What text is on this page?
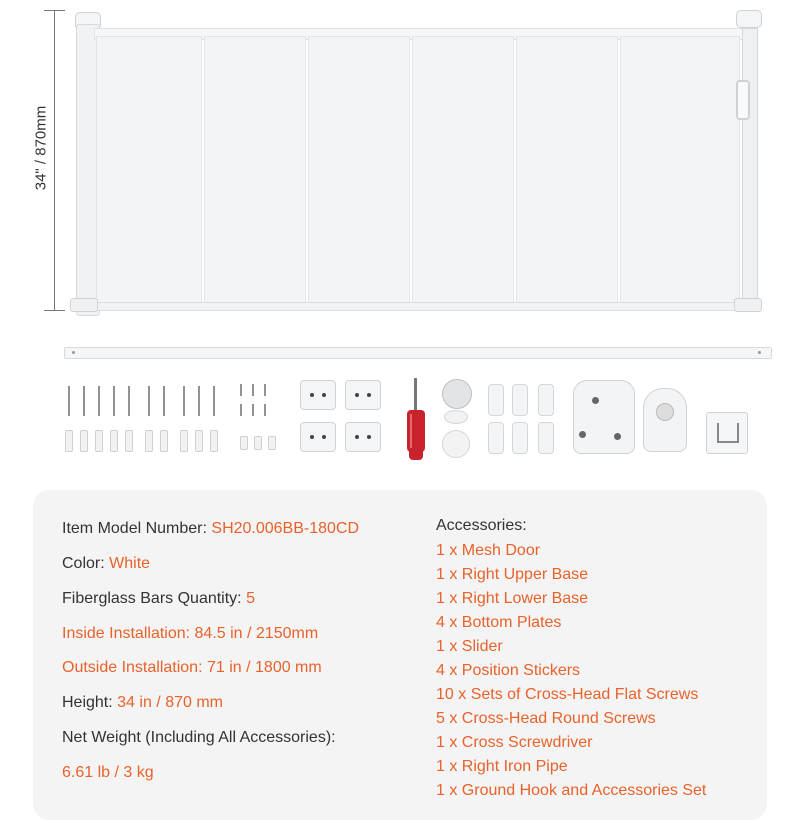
34" / 870mm
Item Model Number: SH20.006BB-180CD
Color: White
Fiberglass Bars Quantity: 5
Inside Installation: 84.5 in / 2150mm
Outside Installation: 71 in / 1800 mm
Height: 34 in / 870 mm
Net Weight (Including All Accessories):
6.61 lb / 3 kg
Accessories:
1 x Mesh Door
1 x Right Upper Base
1 x Right Lower Base
4 x Bottom Plates
1 x Slider
4 x Position Stickers
10 x Sets of Cross-Head Flat Screws
5 x Cross-Head Round Screws
1 x Cross Screwdriver
1 x Right Iron Pipe
1 x Ground Hook and Accessories Set
